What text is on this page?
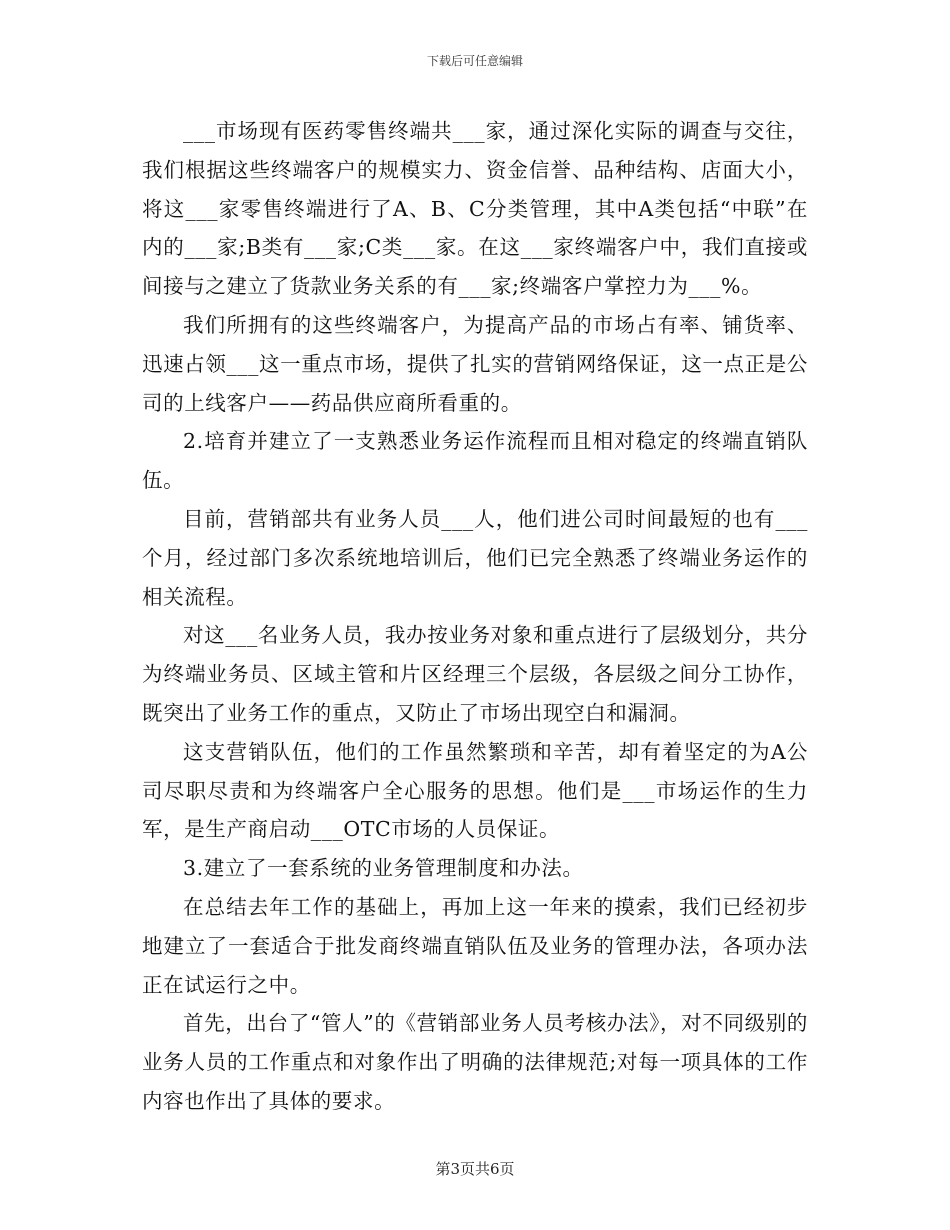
下载后可任意编辑

___市场现有医药零售终端共___家，通过深化实际的调查与交往，我们根据这些终端客户的规模实力、资金信誉、品种结构、店面大小，将这___家零售终端进行了A、B、C分类管理，其中A类包括“中联”在内的___家;B类有___家;C类___家。在这___家终端客户中，我们直接或间接与之建立了货款业务关系的有___家;终端客户掌控力为___%。

我们所拥有的这些终端客户，为提高产品的市场占有率、铺货率、迅速占领___这一重点市场，提供了扎实的营销网络保证，这一点正是公司的上线客户——药品供应商所看重的。

2.培育并建立了一支熟悉业务运作流程而且相对稳定的终端直销队伍。

目前，营销部共有业务人员___人，他们进公司时间最短的也有___个月，经过部门多次系统地培训后，他们已完全熟悉了终端业务运作的相关流程。

对这___名业务人员，我办按业务对象和重点进行了层级划分，共分为终端业务员、区域主管和片区经理三个层级，各层级之间分工协作，既突出了业务工作的重点，又防止了市场出现空白和漏洞。

这支营销队伍，他们的工作虽然繁琐和辛苦，却有着坚定的为A公司尽职尽责和为终端客户全心服务的思想。他们是___市场运作的生力军，是生产商启动___OTC市场的人员保证。

3.建立了一套系统的业务管理制度和办法。

在总结去年工作的基础上，再加上这一年来的摸索，我们已经初步地建立了一套适合于批发商终端直销队伍及业务的管理办法，各项办法正在试运行之中。

首先，出台了“管人”的《营销部业务人员考核办法》，对不同级别的业务人员的工作重点和对象作出了明确的法律规范;对每一项具体的工作内容也作出了具体的要求。

第3页共6页
